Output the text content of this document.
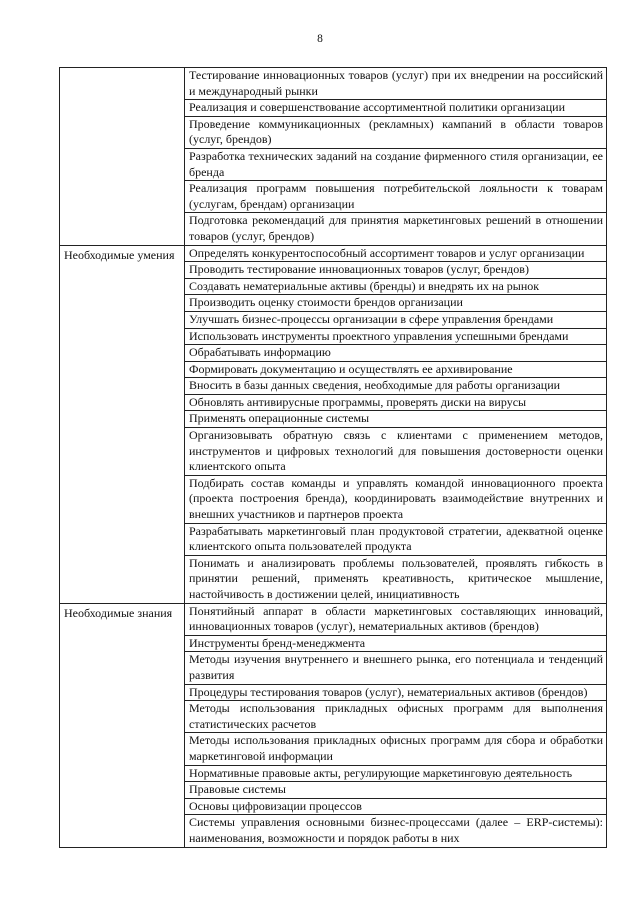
8
	Тестирование инновационных товаров (услуг) при их внедрении на российский и международный рынки
	Реализация и совершенствование ассортиментной политики организации
	Проведение коммуникационных (рекламных) кампаний в области товаров (услуг, брендов)
	Разработка технических заданий на создание фирменного стиля организации, ее бренда
	Реализация программ повышения потребительской лояльности к товарам (услугам, брендам) организации
	Подготовка рекомендаций для принятия маркетинговых решений в отношении товаров (услуг, брендов)
Необходимые умения	Определять конкурентоспособный ассортимент товаров и услуг организации
	Проводить тестирование инновационных товаров (услуг, брендов)
	Создавать нематериальные активы (бренды) и внедрять их на рынок
	Производить оценку стоимости брендов организации
	Улучшать бизнес-процессы организации в сфере управления брендами
	Использовать инструменты проектного управления успешными брендами
	Обрабатывать информацию
	Формировать документацию и осуществлять ее архивирование
	Вносить в базы данных сведения, необходимые для работы организации
	Обновлять антивирусные программы, проверять диски на вирусы
	Применять операционные системы
	Организовывать обратную связь с клиентами с применением методов, инструментов и цифровых технологий для повышения достоверности оценки клиентского опыта
	Подбирать состав команды и управлять командой инновационного проекта (проекта построения бренда), координировать взаимодействие внутренних и внешних участников и партнеров проекта
	Разрабатывать маркетинговый план продуктовой стратегии, адекватной оценке клиентского опыта пользователей продукта
	Понимать и анализировать проблемы пользователей, проявлять гибкость в принятии решений, применять креативность, критическое мышление, настойчивость в достижении целей, инициативность
Необходимые знания	Понятийный аппарат в области маркетинговых составляющих инноваций, инновационных товаров (услуг), нематериальных активов (брендов)
	Инструменты бренд-менеджмента
	Методы изучения внутреннего и внешнего рынка, его потенциала и тенденций развития
	Процедуры тестирования товаров (услуг), нематериальных активов (брендов)
	Методы использования прикладных офисных программ для выполнения статистических расчетов
	Методы использования прикладных офисных программ для сбора и обработки маркетинговой информации
	Нормативные правовые акты, регулирующие маркетинговую деятельность
	Правовые системы
	Основы цифровизации процессов
	Системы управления основными бизнес-процессами (далее – ERP-системы): наименования, возможности и порядок работы в них
